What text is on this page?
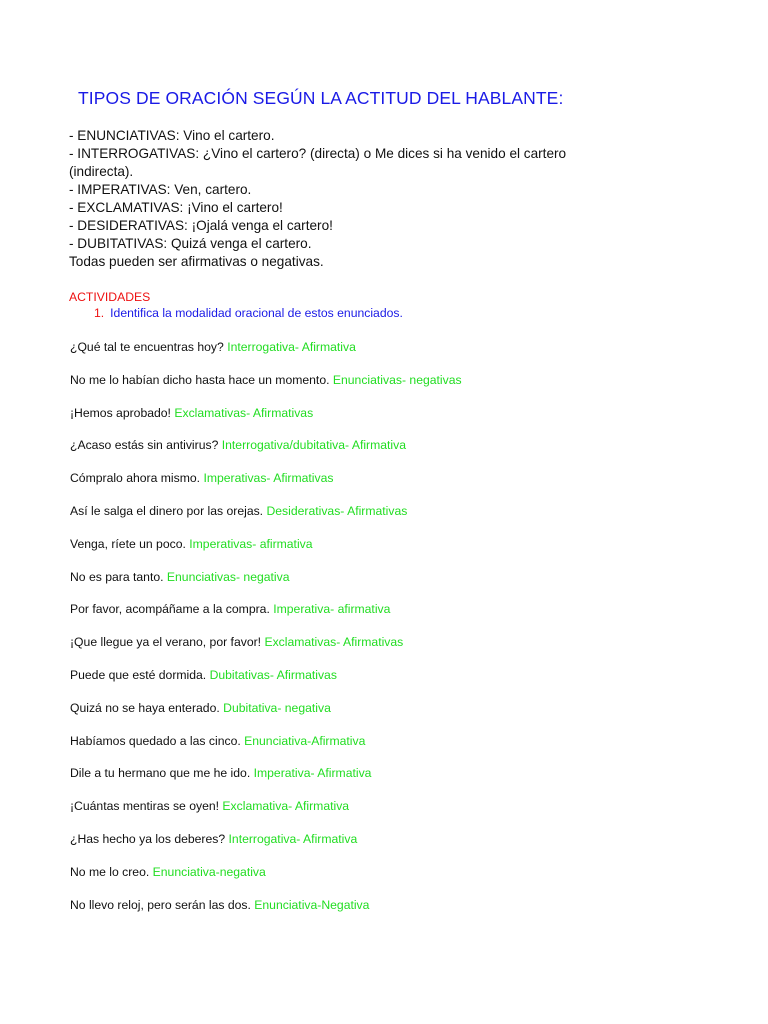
TIPOS DE ORACIÓN SEGÚN LA ACTITUD DEL HABLANTE:
- ENUNCIATIVAS: Vino el cartero.
- INTERROGATIVAS: ¿Vino el cartero? (directa) o Me dices si ha venido el cartero (indirecta).
- IMPERATIVAS: Ven, cartero.
- EXCLAMATIVAS: ¡Vino el cartero!
- DESIDERATIVAS: ¡Ojalá venga el cartero!
- DUBITATIVAS: Quizá venga el cartero.
Todas pueden ser afirmativas o negativas.
ACTIVIDADES
1. Identifica la modalidad oracional de estos enunciados.
¿Qué tal te encuentras hoy? Interrogativa- Afirmativa
No me lo habían dicho hasta hace un momento. Enunciativas- negativas
¡Hemos aprobado! Exclamativas- Afirmativas
¿Acaso estás sin antivirus? Interrogativa/dubitativa- Afirmativa
Cómpralo ahora mismo. Imperativas- Afirmativas
Así le salga el dinero por las orejas. Desiderativas- Afirmativas
Venga, ríete un poco. Imperativas- afirmativa
No es para tanto. Enunciativas- negativa
Por favor, acompáñame a la compra. Imperativa- afirmativa
¡Que llegue ya el verano, por favor! Exclamativas- Afirmativas
Puede que esté dormida. Dubitativas- Afirmativas
Quizá no se haya enterado. Dubitativa- negativa
Habíamos quedado a las cinco. Enunciativa-Afirmativa
Dile a tu hermano que me he ido. Imperativa- Afirmativa
¡Cuántas mentiras se oyen! Exclamativa- Afirmativa
¿Has hecho ya los deberes? Interrogativa- Afirmativa
No me lo creo. Enunciativa-negativa
No llevo reloj, pero serán las dos. Enunciativa-Negativa
